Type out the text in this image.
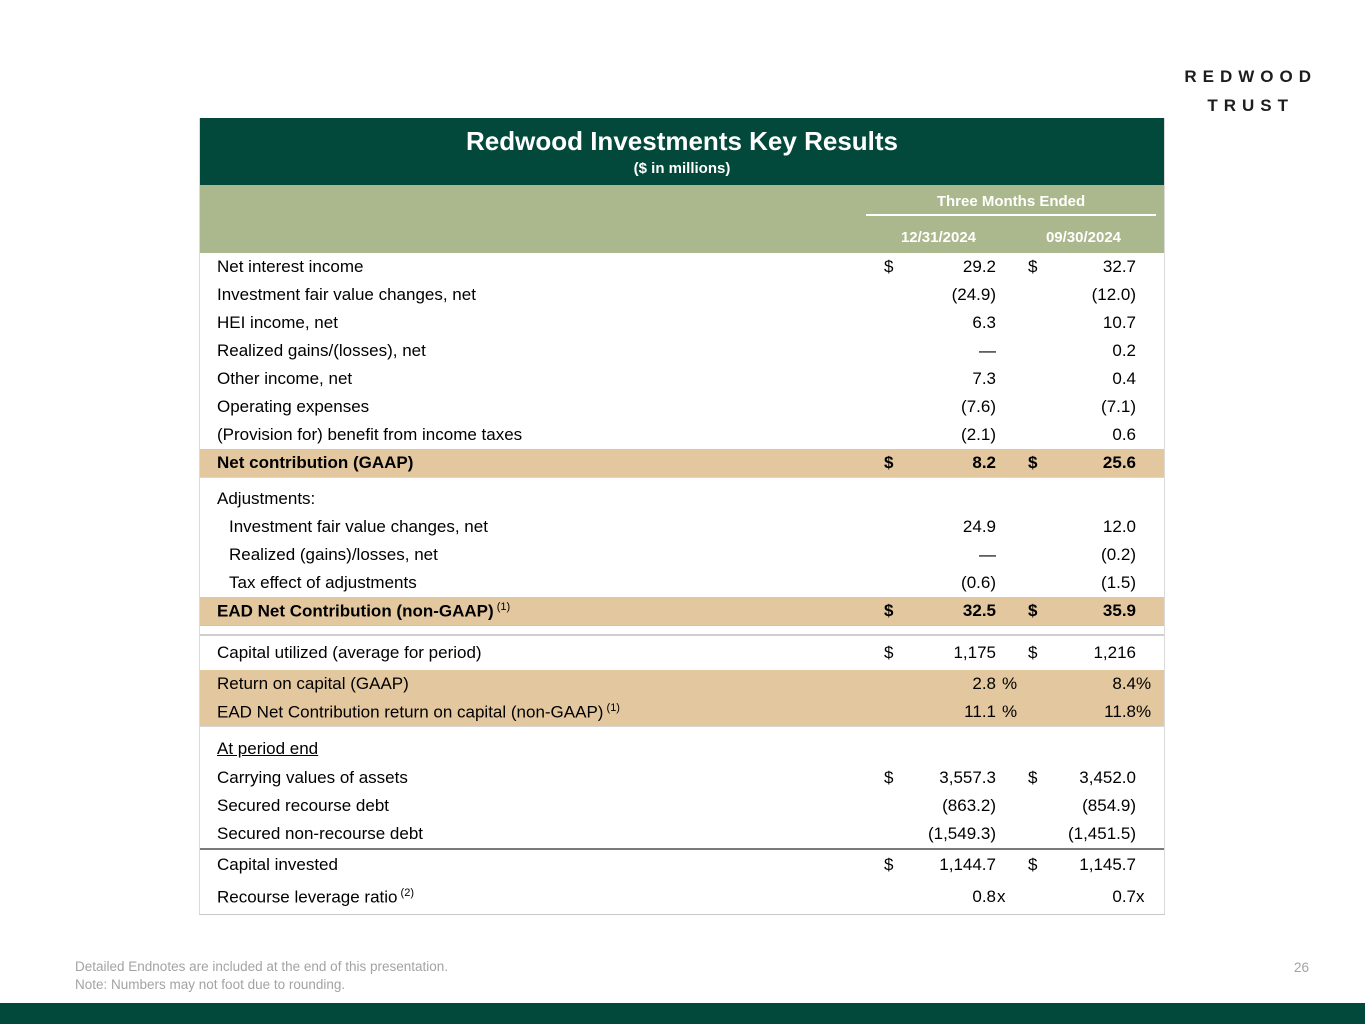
REDWOOD
TRUST
Redwood Investments Key Results
($ in millions)
Three Months Ended
12/31/2024	09/30/2024
Net interest income	$	29.2	$	32.7
Investment fair value changes, net	(24.9)	(12.0)
HEI income, net	6.3	10.7
Realized gains/(losses), net	—	0.2
Other income, net	7.3	0.4
Operating expenses	(7.6)	(7.1)
(Provision for) benefit from income taxes	(2.1)	0.6
Net contribution (GAAP)	$	8.2	$	25.6
Adjustments:
Investment fair value changes, net	24.9	12.0
Realized (gains)/losses, net	—	(0.2)
Tax effect of adjustments	(0.6)	(1.5)
EAD Net Contribution (non-GAAP) $^{(1)}$	$	32.5	$	35.9
Capital utilized (average for period)	$	1,175	$	1,216
Return on capital (GAAP)	2.8 %	8.4 %
EAD Net Contribution return on capital (non-GAAP) $^{(1)}$	11.1 %	11.8 %
At period end
Carrying values of assets	$	3,557.3	$	3,452.0
Secured recourse debt	(863.2)	(854.9)
Secured non-recourse debt	(1,549.3)	(1,451.5)
Capital invested	$	1,144.7	$	1,145.7
Recourse leverage ratio $^{(2)}$	0.8 x	0.7 x
Detailed Endnotes are included at the end of this presentation.
Note: Numbers may not foot due to rounding.
26
